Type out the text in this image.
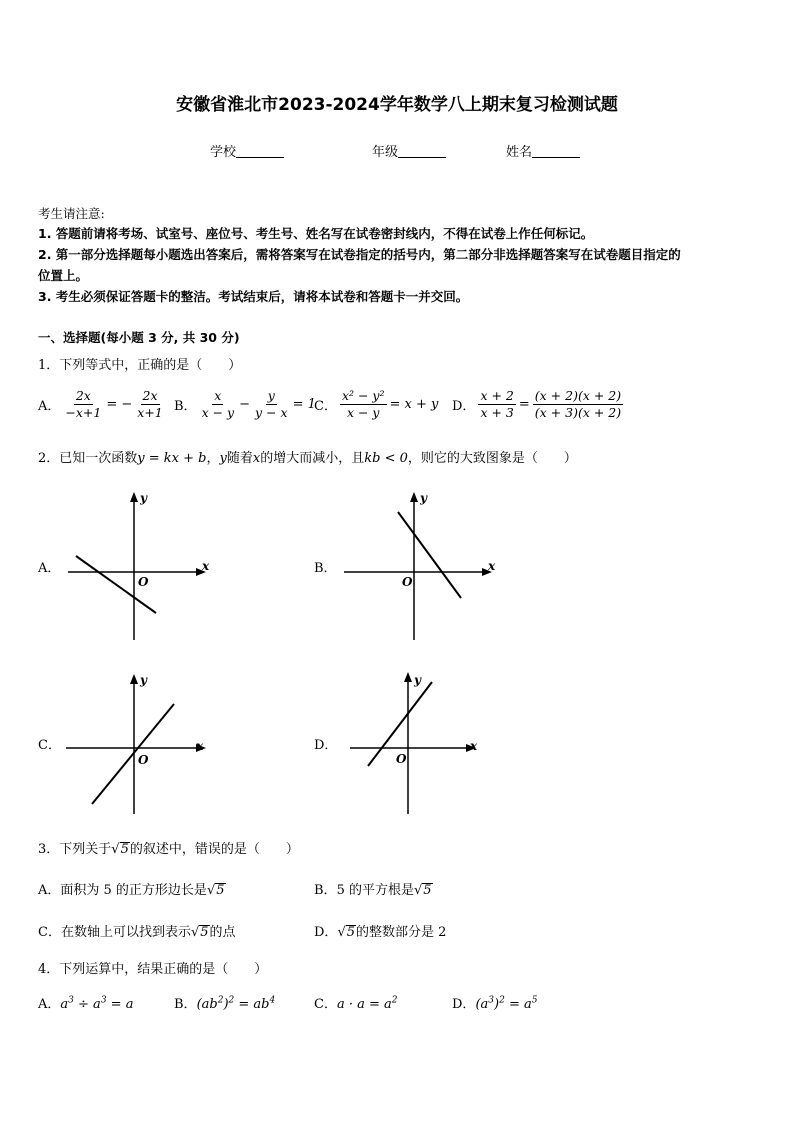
安徽省淮北市2023-2024学年数学八上期末复习检测试题
学校	年级	姓名
考生请注意:
1. 答题前请将考场、试室号、座位号、考生号、姓名写在试卷密封线内，不得在试卷上作任何标记。
2. 第一部分选择题每小题选出答案后，需将答案写在试卷指定的括号内，第二部分非选择题答案写在试卷题目指定的
位置上。
3. 考生必须保证答题卡的整洁。考试结束后，请将本试卷和答题卡一并交回。
一、选择题(每小题 3 分, 共 30 分)
1．下列等式中，正确的是（　　）
A． $\frac{2x}{-x+1}$ = − $\frac{2x}{x+1}$ B． $\frac{x}{x - y} - \frac{y}{y - x} = 1$
C． $\frac{\text{x² − y²}}{x - y} = x + y$ D． $\frac{x + 2}{x + 3} = \frac{(x + 2)(x + 2)}{(x + 3)(x + 2)}$
2．已知一次函数y = kx + b，y随着x的增大而减小，且kb < 0，则它的大致图象是（　　）
A．	x
y
O
B．	x
y
O
C．	x
y
O
D．	x
y
O
3．下列关于√5的叙述中，错误的是（　　）
A．面积为 5 的正方形边长是√5	B．5 的平方根是√5
C．在数轴上可以找到表示√5的点	D．√5的整数部分是 2
4．下列运算中，结果正确的是（　　）
A．$a^3 \div a^3 = a$	B．$(ab^2)^2 = ab^4$	C．$a \cdot a = a^2$	D．$(a^3)^2 = a^5$
